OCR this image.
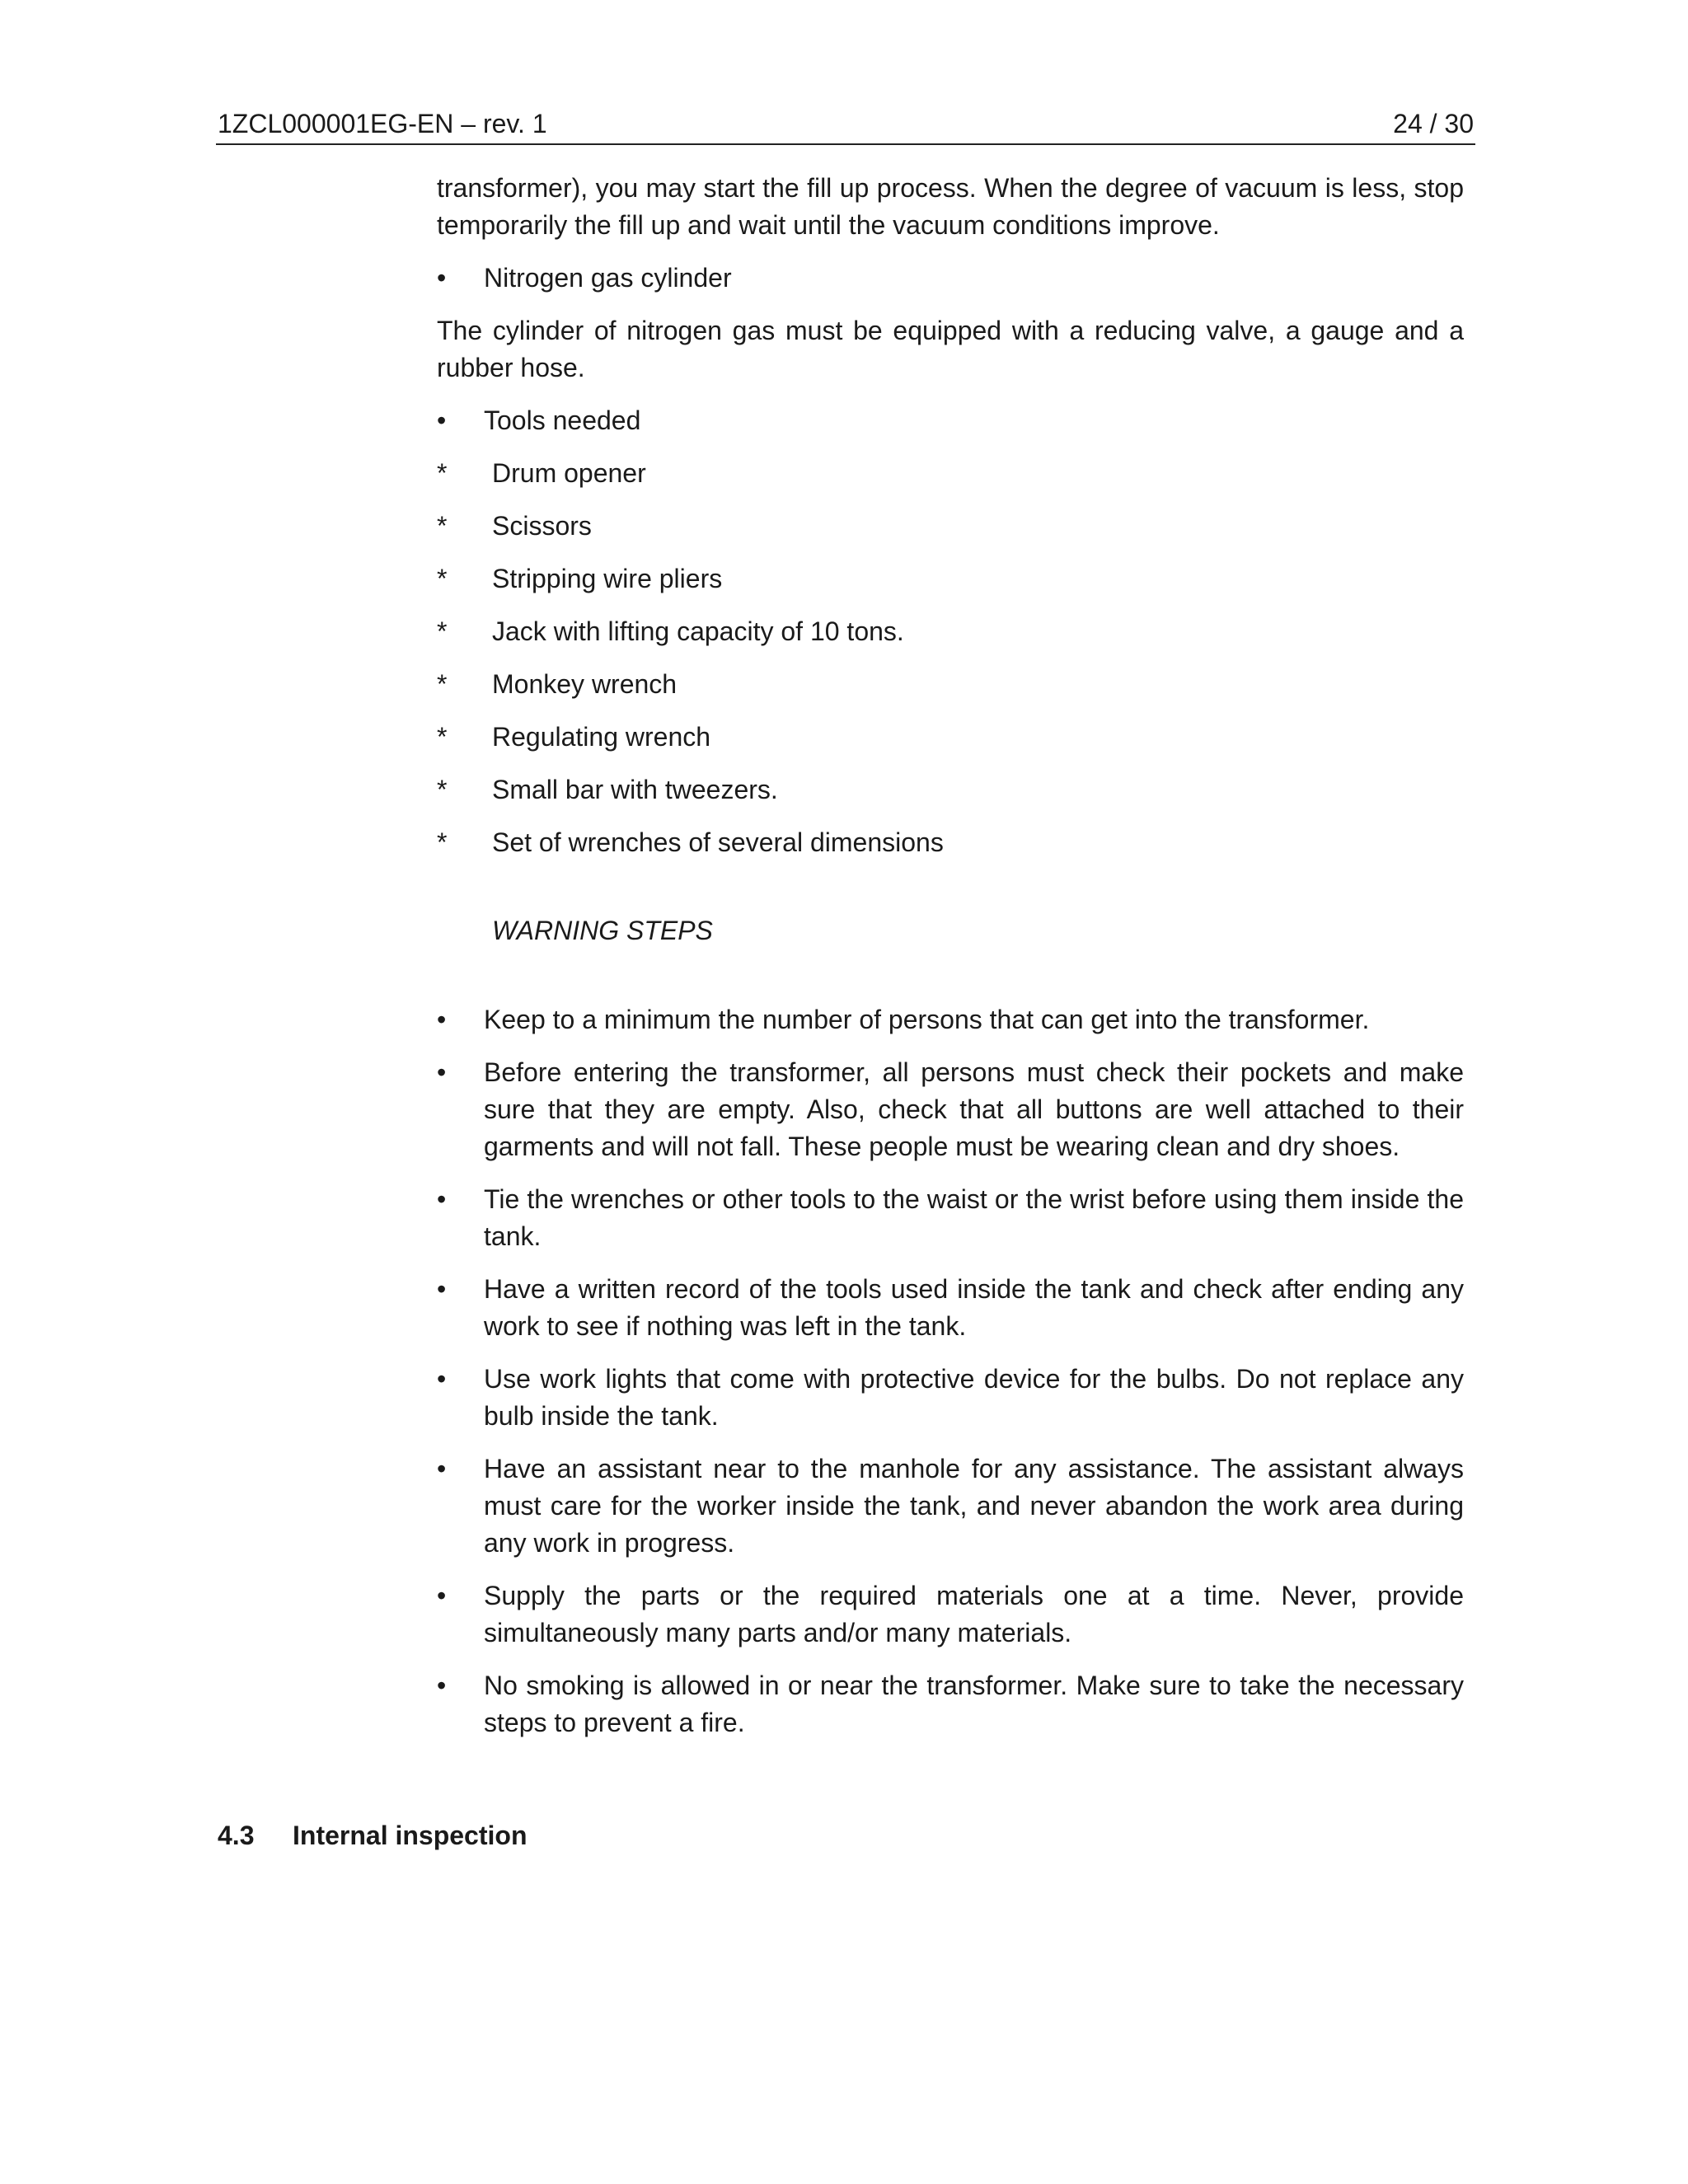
1ZCL000001EG-EN – rev. 1	24 / 30

transformer), you may start the fill up process. When the degree of vacuum is less, stop temporarily the fill up and wait until the vacuum conditions improve.

•	Nitrogen gas cylinder

The cylinder of nitrogen gas must be equipped with a reducing valve, a gauge and a rubber hose.

•	Tools needed
* Drum opener
* Scissors
* Stripping wire pliers
* Jack with lifting capacity of 10 tons.
* Monkey wrench
* Regulating wrench
* Small bar with tweezers.
* Set of wrenches of several dimensions
WARNING STEPS
•	Keep to a minimum the number of persons that can get into the transformer.
•	Before entering the transformer, all persons must check their pockets and make sure that they are empty. Also, check that all buttons are well attached to their garments and will not fall. These people must be wearing clean and dry shoes.
•	Tie the wrenches or other tools to the waist or the wrist before using them inside the tank.
•	Have a written record of the tools used inside the tank and check after ending any work to see if nothing was left in the tank.
•	Use work lights that come with protective device for the bulbs. Do not replace any bulb inside the tank.
•	Have an assistant near to the manhole for any assistance. The assistant always must care for the worker inside the tank, and never abandon the work area during any work in progress.
•	Supply the parts or the required materials one at a time. Never, provide simultaneously many parts and/or many materials.
•	No smoking is allowed in or near the transformer. Make sure to take the necessary steps to prevent a fire.
4.3 Internal inspection
